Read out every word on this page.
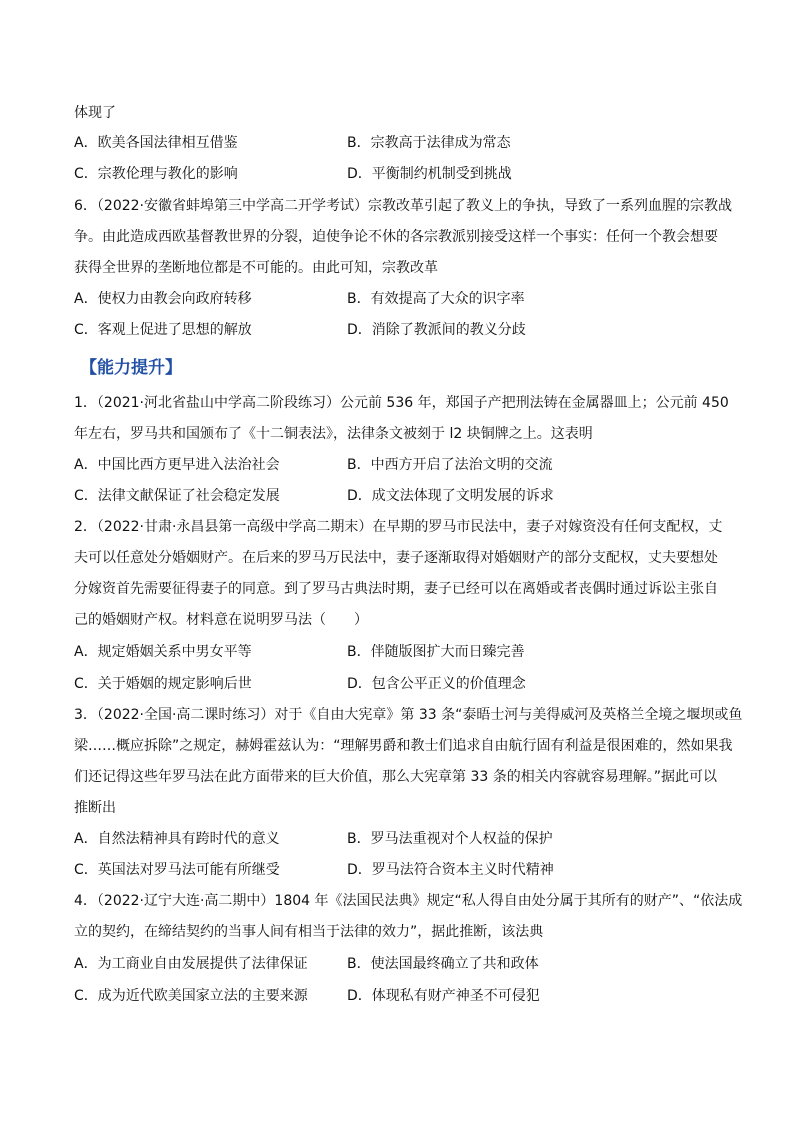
体现了
A．欧美各国法律相互借鉴	B．宗教高于法律成为常态
C．宗教伦理与教化的影响	D．平衡制约机制受到挑战
6．（2022·安徽省蚌埠第三中学高二开学考试）宗教改革引起了教义上的争执，导致了一系列血腥的宗教战
争。由此造成西欧基督教世界的分裂，迫使争论不休的各宗教派别接受这样一个事实：任何一个教会想要
获得全世界的垄断地位都是不可能的。由此可知，宗教改革
A．使权力由教会向政府转移	B．有效提高了大众的识字率
C．客观上促进了思想的解放	D．消除了教派间的教义分歧
【能力提升】
1．（2021·河北省盐山中学高二阶段练习）公元前 536 年，郑国子产把刑法铸在金属器皿上；公元前 450
年左右，罗马共和国颁布了《十二铜表法》，法律条文被刻于 l2 块铜牌之上。这表明
A．中国比西方更早进入法治社会	B．中西方开启了法治文明的交流
C．法律文献保证了社会稳定发展	D．成文法体现了文明发展的诉求
2．（2022·甘肃·永昌县第一高级中学高二期末）在早期的罗马市民法中，妻子对嫁资没有任何支配权，丈
夫可以任意处分婚姻财产。在后来的罗马万民法中，妻子逐渐取得对婚姻财产的部分支配权，丈夫要想处
分嫁资首先需要征得妻子的同意。到了罗马古典法时期，妻子已经可以在离婚或者丧偶时通过诉讼主张自
己的婚姻财产权。材料意在说明罗马法（　　）
A．规定婚姻关系中男女平等	B．伴随版图扩大而日臻完善
C．关于婚姻的规定影响后世	D．包含公平正义的价值理念
3．（2022·全国·高二课时练习）对于《自由大宪章》第 33 条“泰晤士河与美得威河及英格兰全境之堰坝或鱼
梁……概应拆除”之规定，赫姆霍兹认为：“理解男爵和教士们追求自由航行固有利益是很困难的，然如果我
们还记得这些年罗马法在此方面带来的巨大价值，那么大宪章第 33 条的相关内容就容易理解。”据此可以
推断出
A．自然法精神具有跨时代的意义	B．罗马法重视对个人权益的保护
C．英国法对罗马法可能有所继受	D．罗马法符合资本主义时代精神
4．（2022·辽宁大连·高二期中）1804 年《法国民法典》规定“私人得自由处分属于其所有的财产”、“依法成
立的契约，在缔结契约的当事人间有相当于法律的效力”，据此推断，该法典
A．为工商业自由发展提供了法律保证	B．使法国最终确立了共和政体
C．成为近代欧美国家立法的主要来源	D．体现私有财产神圣不可侵犯
